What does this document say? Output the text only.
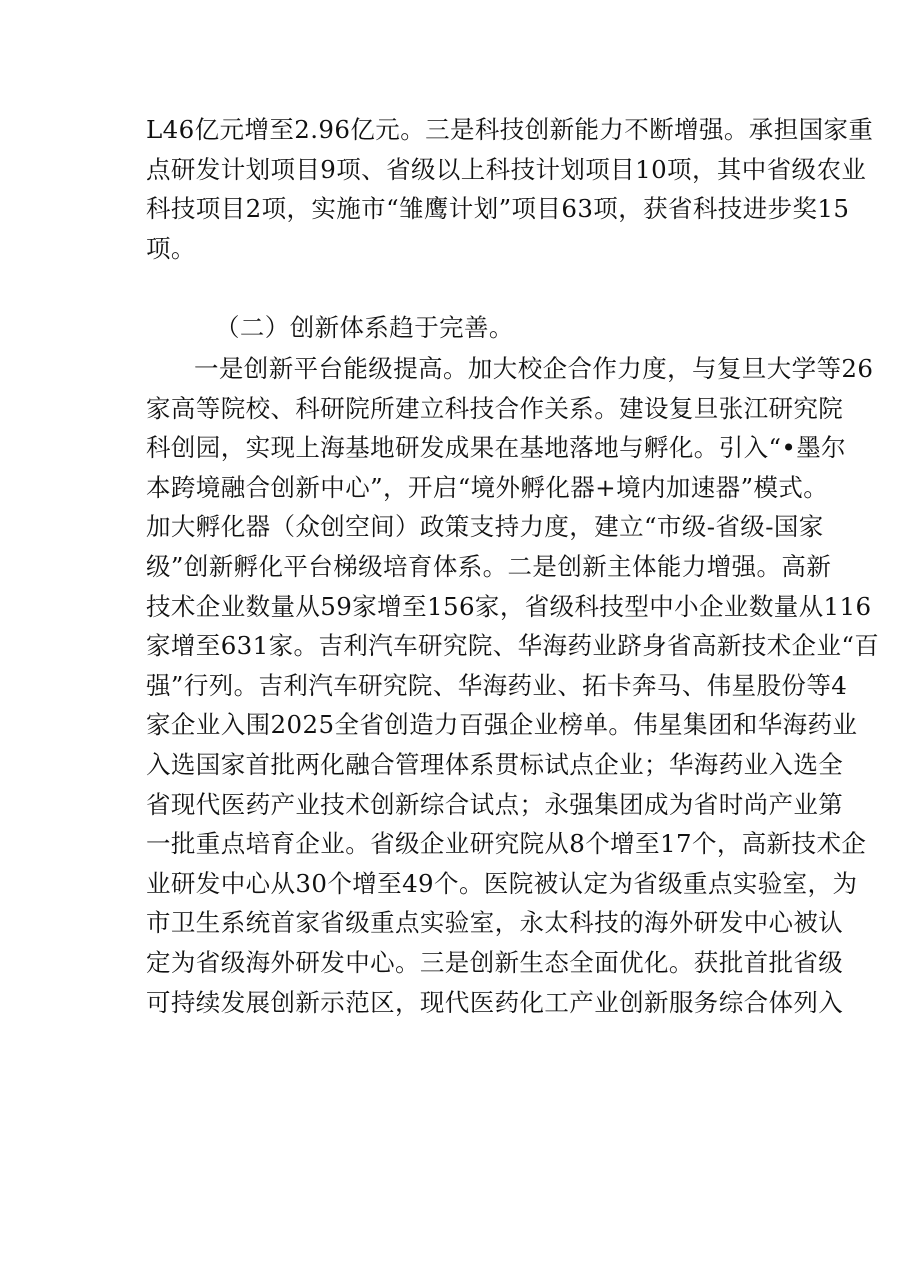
L46亿元增至2.96亿元。三是科技创新能力不断增强。承担国家重
点研发计划项目9项、省级以上科技计划项目10项，其中省级农业
科技项目2项，实施市“雏鹰计划”项目63项，获省科技进步奖15
项。
（二）创新体系趋于完善。
一是创新平台能级提高。加大校企合作力度，与复旦大学等26
家高等院校、科研院所建立科技合作关系。建设复旦张江研究院
科创园，实现上海基地研发成果在基地落地与孵化。引入“•墨尔
本跨境融合创新中心”，开启“境外孵化器+境内加速器”模式。
加大孵化器（众创空间）政策支持力度，建立“市级-省级-国家
级”创新孵化平台梯级培育体系。二是创新主体能力增强。高新
技术企业数量从59家增至156家，省级科技型中小企业数量从116
家增至631家。吉利汽车研究院、华海药业跻身省高新技术企业“百
强”行列。吉利汽车研究院、华海药业、拓卡奔马、伟星股份等4
家企业入围2025全省创造力百强企业榜单。伟星集团和华海药业
入选国家首批两化融合管理体系贯标试点企业；华海药业入选全
省现代医药产业技术创新综合试点；永强集团成为省时尚产业第
一批重点培育企业。省级企业研究院从8个增至17个，高新技术企
业研发中心从30个增至49个。医院被认定为省级重点实验室，为
市卫生系统首家省级重点实验室，永太科技的海外研发中心被认
定为省级海外研发中心。三是创新生态全面优化。获批首批省级
可持续发展创新示范区，现代医药化工产业创新服务综合体列入
